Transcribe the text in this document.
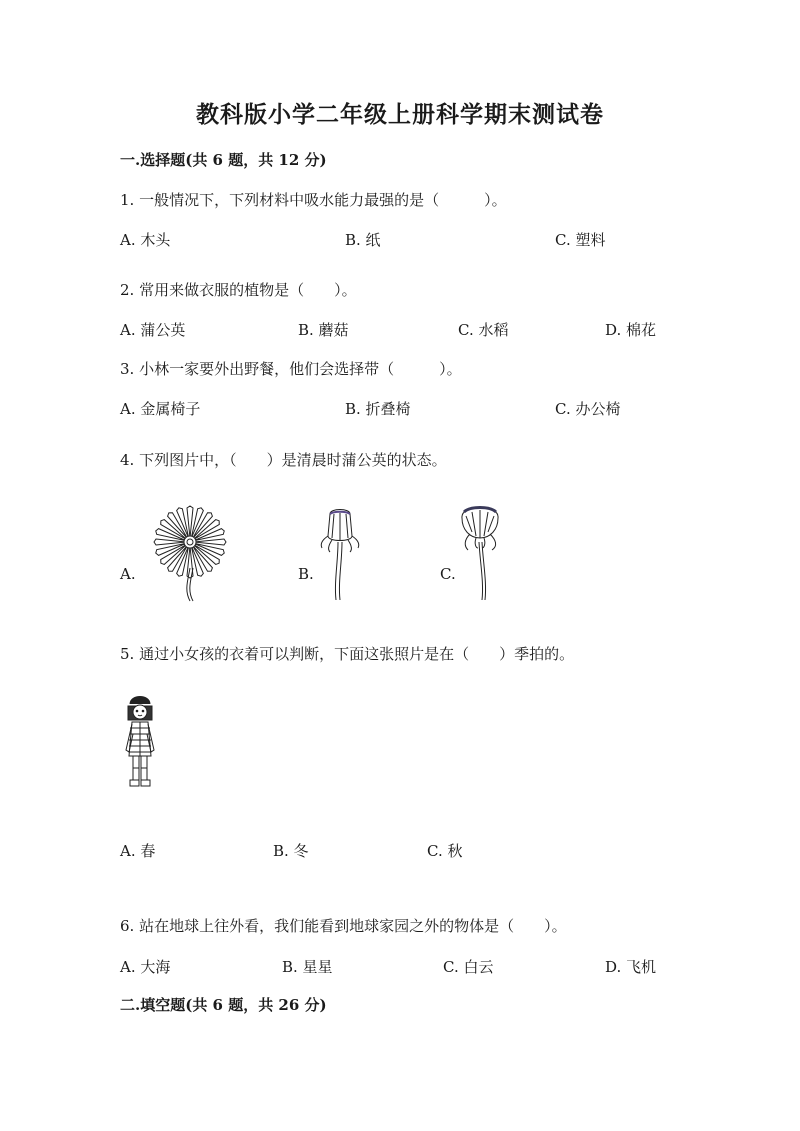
教科版小学二年级上册科学期末测试卷
一.选择题(共 6 题，共 12 分)
1. 一般情况下，下列材料中吸水能力最强的是（　　　）。
A. 木头	B. 纸	C. 塑料
2. 常用来做衣服的植物是（　　）。
A. 蒲公英	B. 蘑菇	C. 水稻	D. 棉花
3. 小林一家要外出野餐，他们会选择带（　　　）。
A. 金属椅子	B. 折叠椅	C. 办公椅
4. 下列图片中，（　　）是清晨时蒲公英的状态。
A.	B.	C.
5. 通过小女孩的衣着可以判断，下面这张照片是在（　　）季拍的。
A. 春	B. 冬	C. 秋
6. 站在地球上往外看，我们能看到地球家园之外的物体是（　　）。
A. 大海	B. 星星	C. 白云	D. 飞机
二.填空题(共 6 题，共 26 分)
